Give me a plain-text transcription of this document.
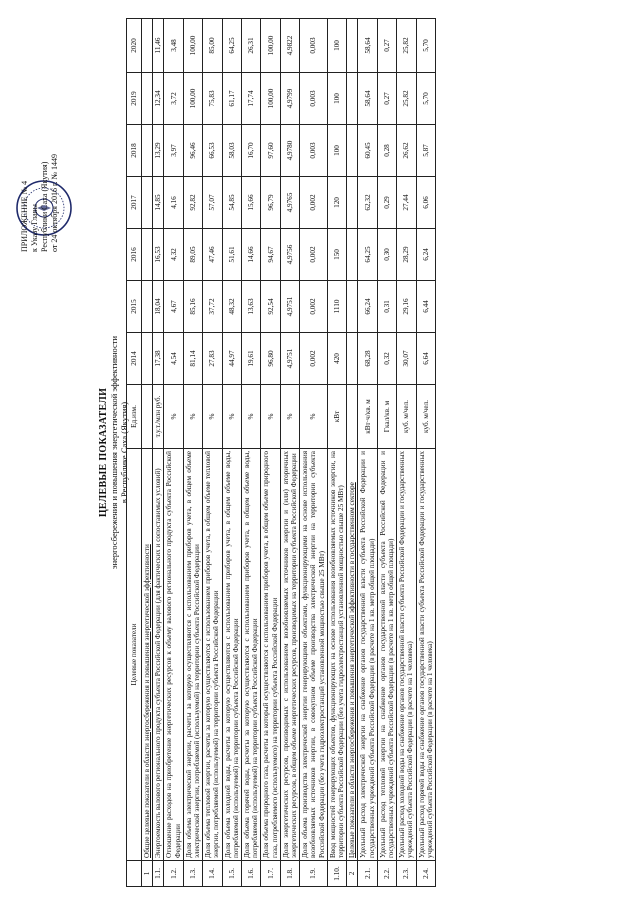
ПРИЛОЖЕНИЕ № 4 к Указу Главы Республики Саха (Якутия) от 24 октября 2016 г. № 1449
ЦЕЛЕВЫЕ ПОКАЗАТЕЛИ энергосбережения и повышения энергетической эффективности в Республике Саха (Якутия)
	Целевые показатели	Ед.изм.	2014	2015	2016	2017	2018	2019	2020
1	Общие целевые показатели в области энергосбережения и повышения энергетической эффективности								
1.1.	Энергоемкость валового регионального продукта субъекта Российской Федерации (для фактических и сопоставимых условий)	т.у.т./млн руб.	17,38	18,04	16,53	14,85	13,29	12,34	11,46
1.2.	Отношение расходов на приобретение энергетических ресурсов к объему валового регионального продукта субъекта Российской Федерации	%	4,54	4,67	4,32	4,16	3,97	3,72	3,48
1.3.	Доля объема электрической энергии, расчеты за которую осуществляются с использованием приборов учета, в общем объеме электрической энергии, потребляемой (используемой) на территории субъекта Российской Федерации	%	81,14	85,16	89,05	92,82	96,46	100,00	100,00
1.4.	Доля объема тепловой энергии, расчеты за которую осуществляются с использованием приборов учета, в общем объеме тепловой энергии, потребляемой (используемой) на территории субъекта Российской Федерации	%	27,83	37,72	47,46	57,07	66,53	75,83	85,00
1.5.	Доля объема холодной воды, расчеты за которую осуществляются с использованием приборов учета, в общем объеме воды, потребляемой (используемой) на территории субъекта Российской Федерации	%	44,97	48,32	51,61	54,85	58,03	61,17	64,25
1.6.	Доля объема горячей воды, расчеты за которую осуществляются с использованием приборов учета, в общем объеме воды, потребляемой (используемой) на территории субъекта Российской Федерации	%	19,61	13,63	14,66	15,66	16,70	17,74	26,31
1.7.	Доля объема природного газа, расчеты за который осуществляются с использованием приборов учета, в общем объеме природного газа, потребляемого (используемого) на территории субъекта Российской Федерации	%	96,80	92,54	94,67	96,79	97,60	100,00	100,00
1.8.	Доля энергетических ресурсов, производимых с использованием возобновляемых источников энергии и (или) вторичных энергетических ресурсов, в общем объеме энергетических ресурсов, производимых на территории субъекта Российской Федерации	%	4,9751	4,9751	4,9756	4,9765	4,9780	4,9799	4,9822
1.9.	Доля объема производства электрической энергии генерирующими объектами, функционирующими на основе использования возобновляемых источников энергии, в совокупном объеме производства электрической энергии на территории субъекта Российской Федерации (без учета гидроэлектростанций установленной мощностью свыше 25 МВт)	%	0,002	0,002	0,002	0,002	0,003	0,003	0,003
1.10.	Ввод мощностей генерирующих объектов, функционирующих на основе использования возобновляемых источников энергии, на территории субъекта Российской Федерации (без учета гидроэлектростанций установленной мощностью свыше 25 МВт)	кВт	420	1110	150	120	100	100	100
2	Целевые показатели в области энергосбережения и повышения энергетической эффективности в государственном секторе								
2.1.	Удельный расход электрической энергии на снабжение органов государственной власти субъекта Российской Федерации и государственных учреждений субъекта Российской Федерации (в расчете на 1 кв. метр общей площади)	кВт·ч/кв. м	68,28	66,24	64,25	62,32	60,45	58,64	58,64
2.2.	Удельный расход тепловой энергии на снабжение органов государственной власти субъекта Российской Федерации и государственных учреждений субъекта Российской Федерации (в расчете на 1 кв. метр общей площади)	Гкал/кв. м	0,32	0,31	0,30	0,29	0,28	0,27	0,27
2.3.	Удельный расход холодной воды на снабжение органов государственной власти субъекта Российской Федерации и государственных учреждений субъекта Российской Федерации (в расчете на 1 человека)	куб. м/чел.	30,07	29,16	28,29	27,44	26,62	25,82	25,82
2.4.	Удельный расход горячей воды на снабжение органов государственной власти субъекта Российской Федерации и государственных учреждений субъекта Российской Федерации (в расчете на 1 человека)	куб. м/чел.	6,64	6,44	6,24	6,06	5,87	5,70	5,70
